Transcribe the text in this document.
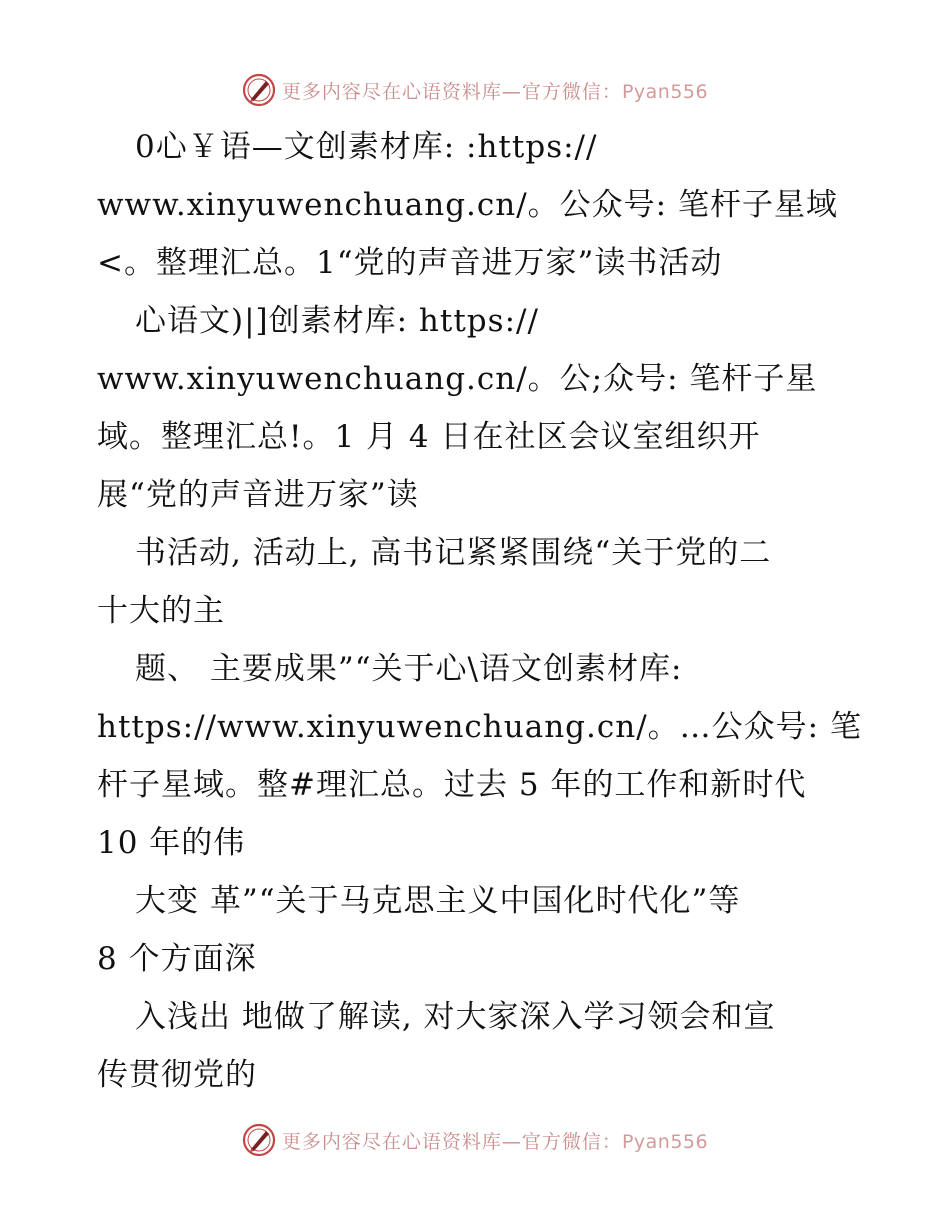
更多内容尽在心语资料库—官方微信：Pyan556
0心￥语—文创素材库: :https://
www.xinyuwenchuang.cn/。公众号: 笔杆子星域
<。整理汇总。1“党的声音进万家”读书活动
心语文)|]创素材库: https://
www.xinyuwenchuang.cn/。公;众号: 笔杆子星
域。整理汇总!。1 月 4 日在社区会议室组织开
展“党的声音进万家”读
书活动, 活动上, 高书记紧紧围绕“关于党的二
十大的主
题、 主要成果”“关于心\语文创素材库:
https://www.xinyuwenchuang.cn/。…公众号: 笔
杆子星域。整#理汇总。过去 5 年的工作和新时代
10 年的伟
大变 革”“关于马克思主义中国化时代化”等
8 个方面深
入浅出 地做了解读, 对大家深入学习领会和宣
传贯彻党的
更多内容尽在心语资料库—官方微信：Pyan556
